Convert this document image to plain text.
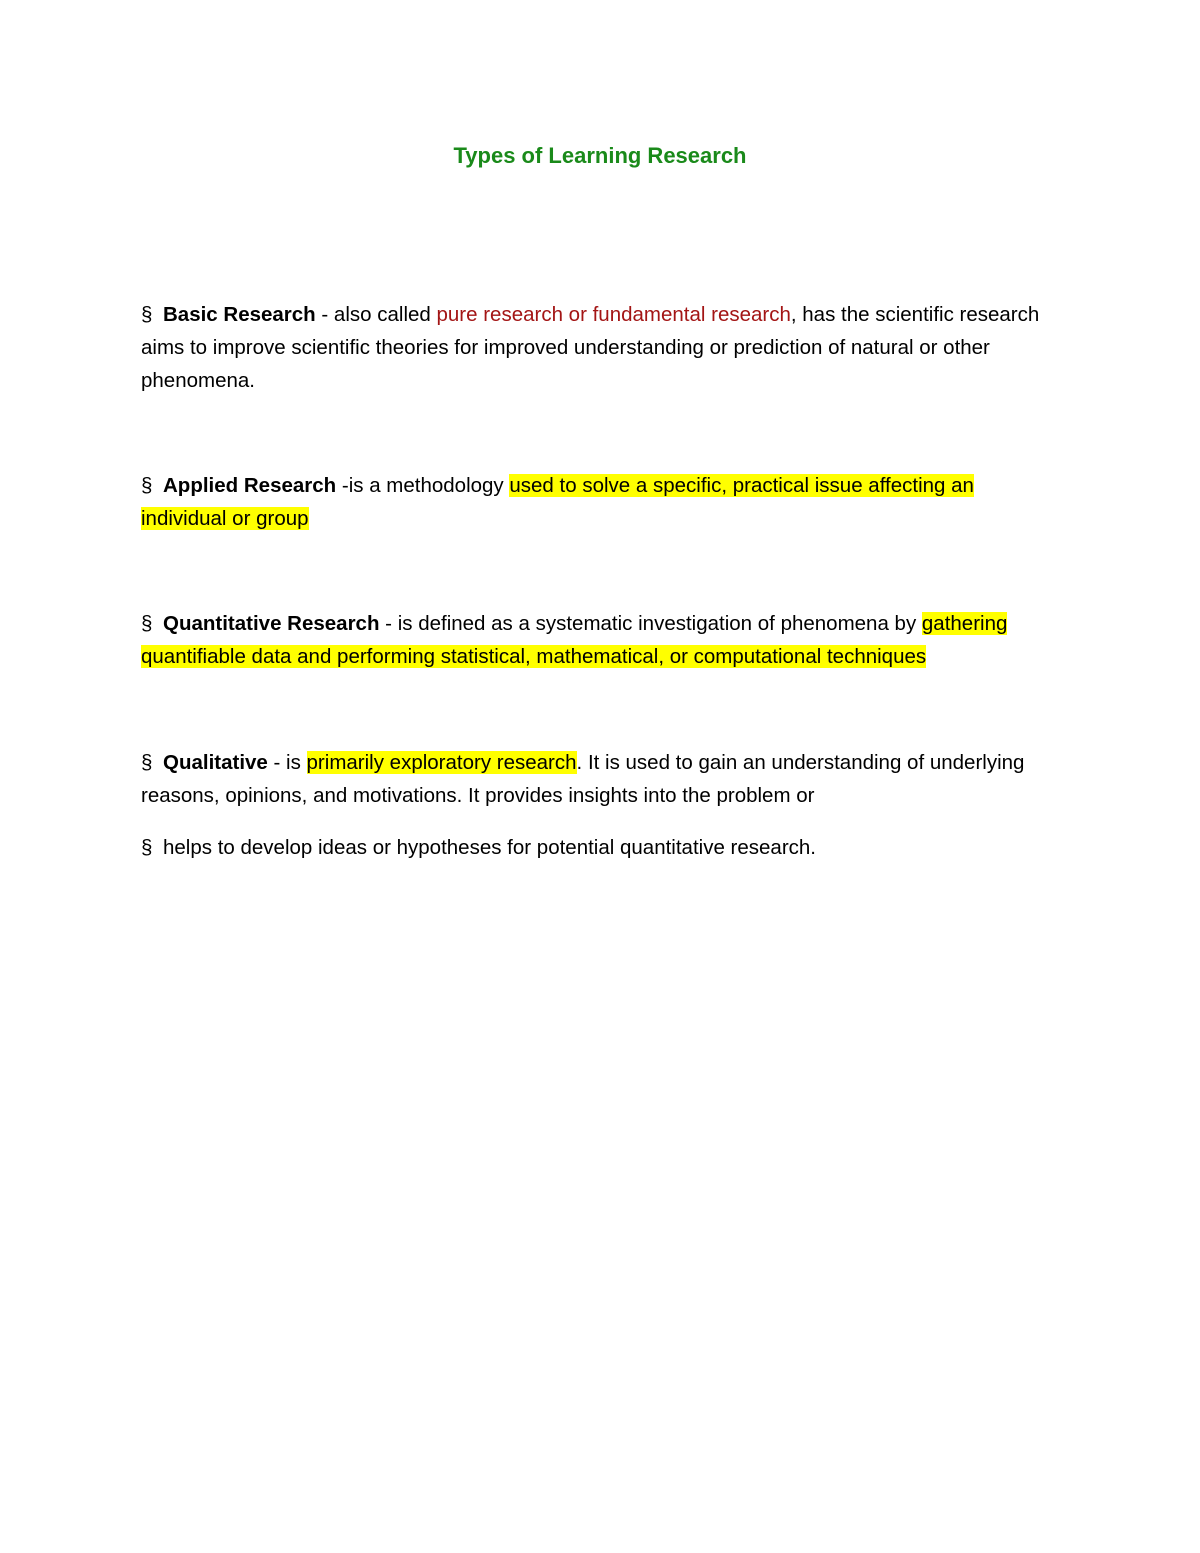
Types of Learning Research

§ Basic Research - also called pure research or fundamental research, has the scientific research aims to improve scientific theories for improved understanding or prediction of natural or other phenomena.

§ Applied Research -is a methodology used to solve a specific, practical issue affecting an individual or group

§ Quantitative Research - is defined as a systematic investigation of phenomena by gathering quantifiable data and performing statistical, mathematical, or computational techniques

§ Qualitative - is primarily exploratory research. It is used to gain an understanding of underlying reasons, opinions, and motivations. It provides insights into the problem or

§ helps to develop ideas or hypotheses for potential quantitative research.
